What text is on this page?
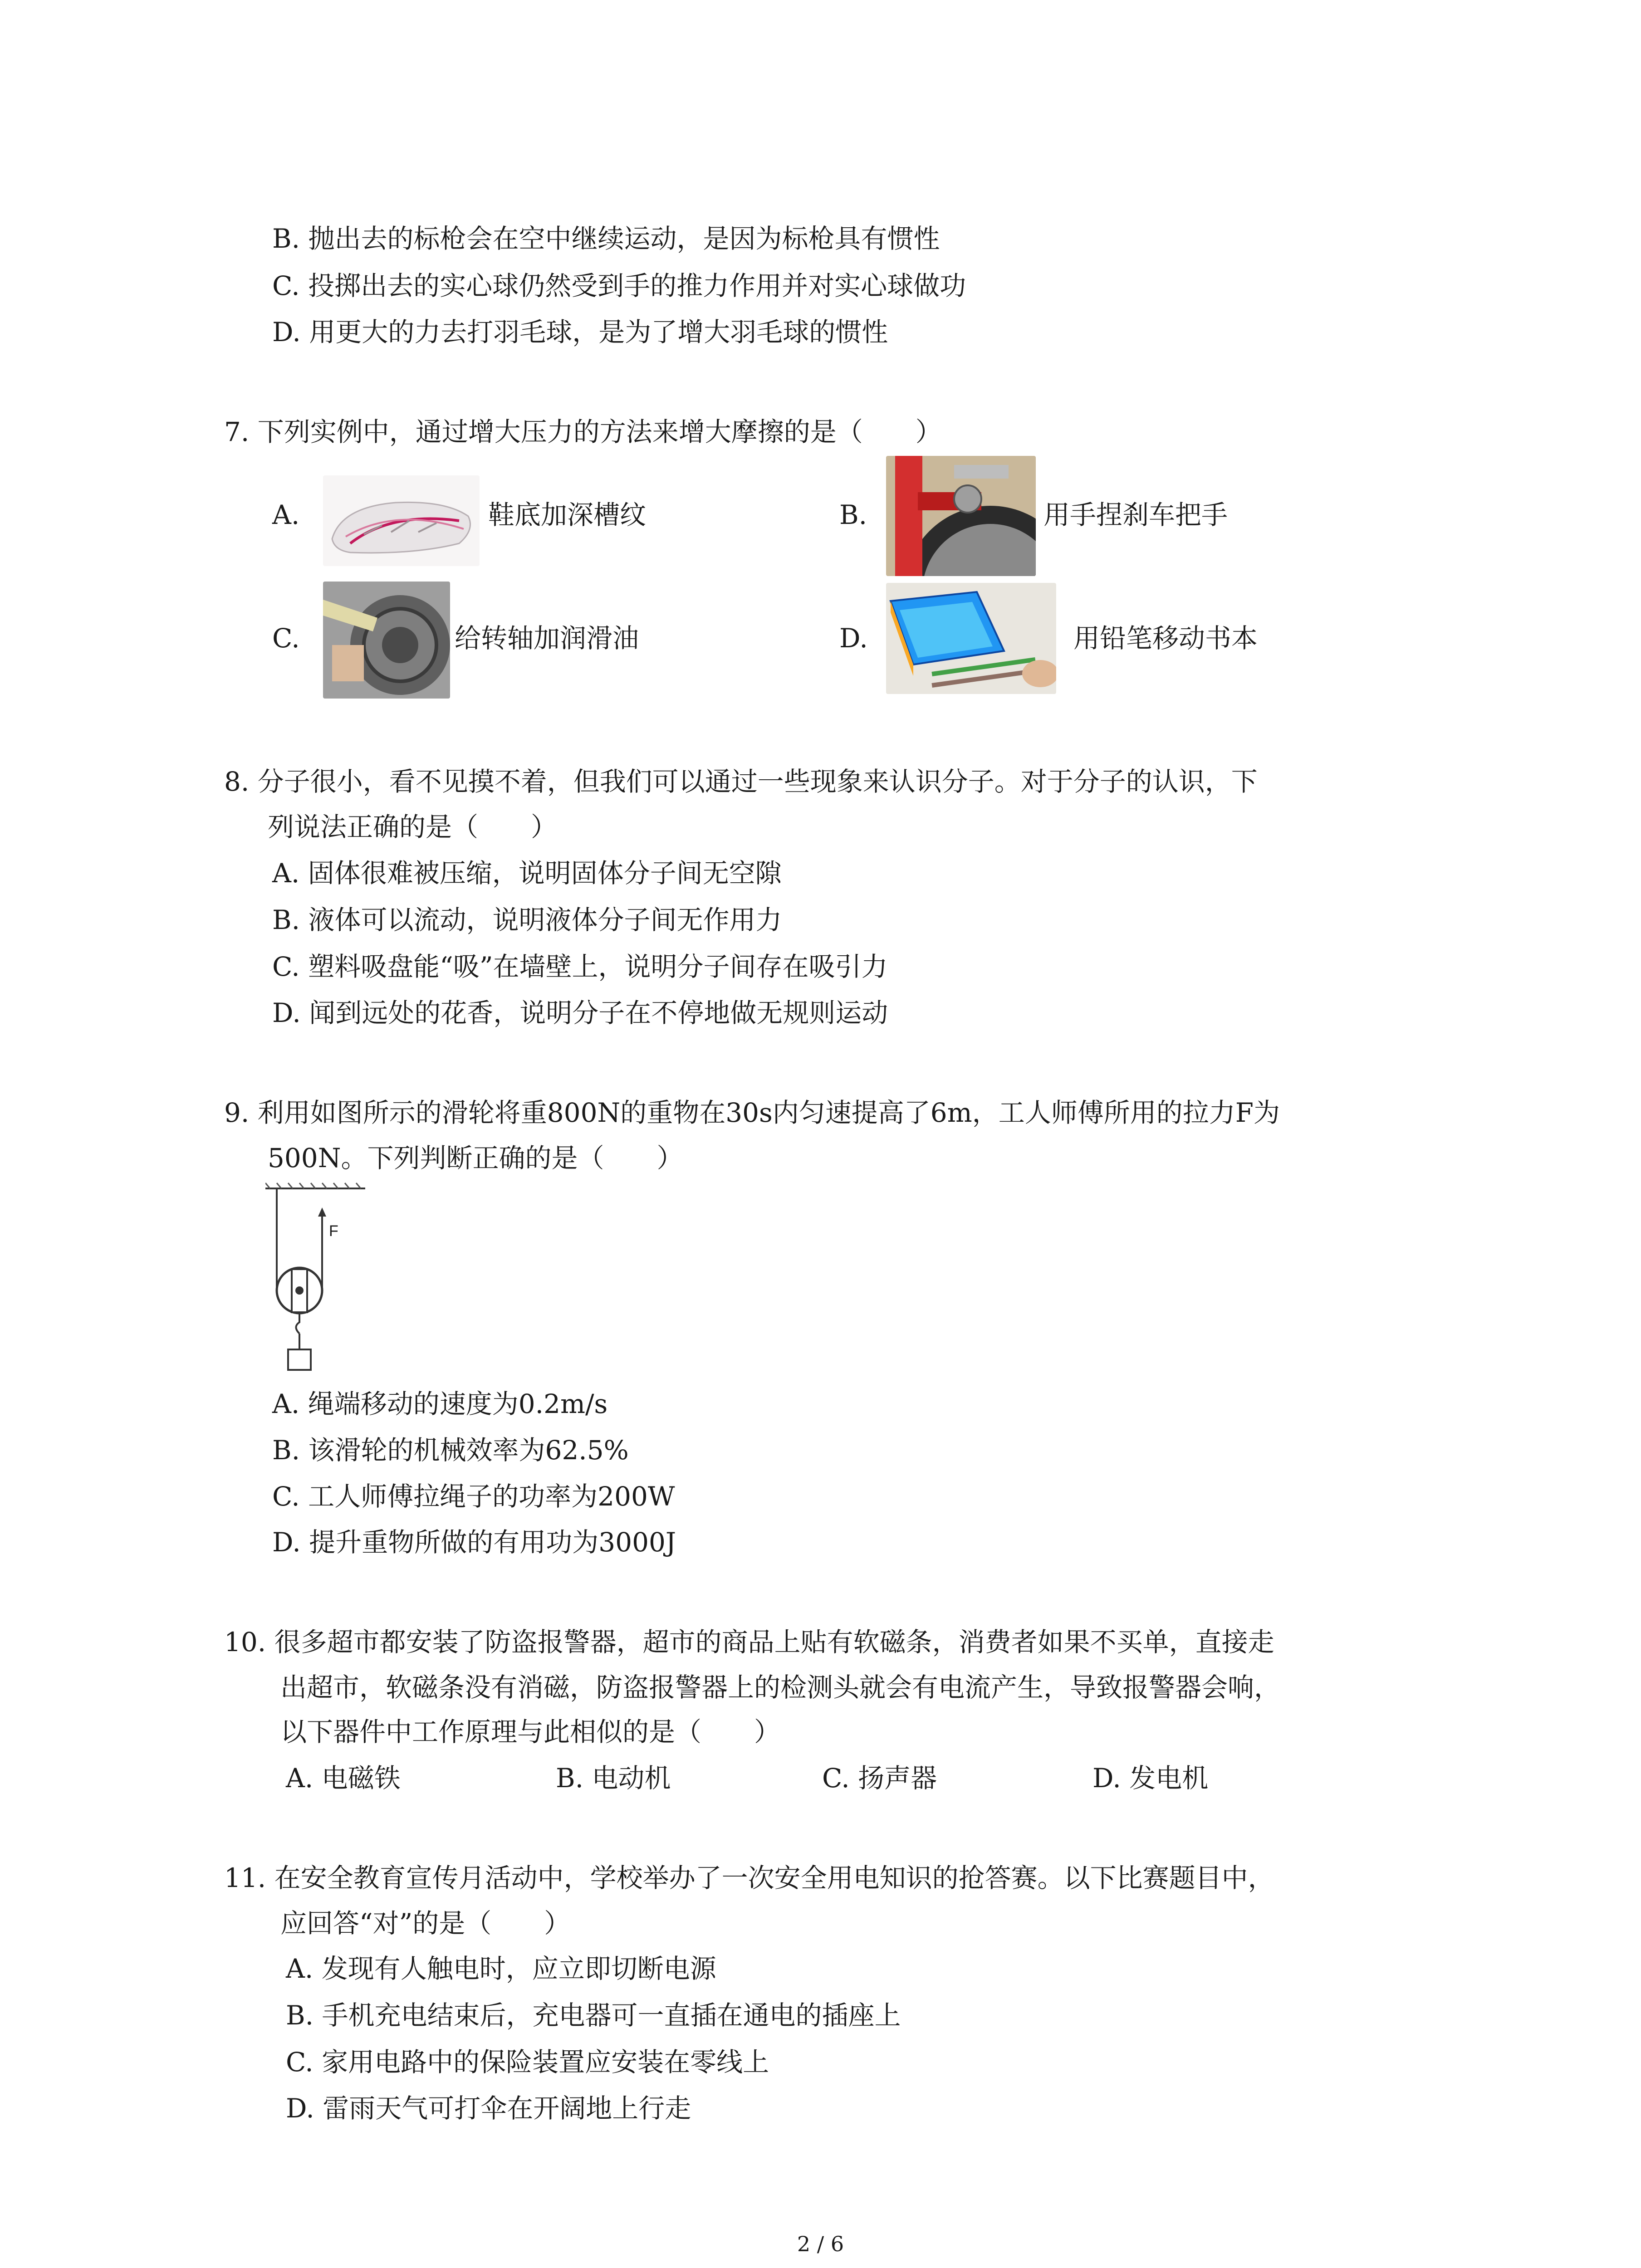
B. 抛出去的标枪会在空中继续运动，是因为标枪具有惯性
C. 投掷出去的实心球仍然受到手的推力作用并对实心球做功
D. 用更大的力去打羽毛球，是为了增大羽毛球的惯性
7. 下列实例中，通过增大压力的方法来增大摩擦的是（　　）
A.	鞋底加深槽纹	B.	用手捏刹车把手
C.	给转轴加润滑油	D.	用铅笔移动书本
8. 分子很小，看不见摸不着，但我们可以通过一些现象来认识分子。对于分子的认识，下
列说法正确的是（　　）
A. 固体很难被压缩，说明固体分子间无空隙
B. 液体可以流动，说明液体分子间无作用力
C. 塑料吸盘能“吸”在墙壁上，说明分子间存在吸引力
D. 闻到远处的花香，说明分子在不停地做无规则运动
9. 利用如图所示的滑轮将重800N的重物在30s内匀速提高了6m，工人师傅所用的拉力F为
500N。下列判断正确的是（　　）
F
A. 绳端移动的速度为0.2m/s
B. 该滑轮的机械效率为62.5%
C. 工人师傅拉绳子的功率为200W
D. 提升重物所做的有用功为3000J
10. 很多超市都安装了防盗报警器，超市的商品上贴有软磁条，消费者如果不买单，直接走
出超市，软磁条没有消磁，防盗报警器上的检测头就会有电流产生，导致报警器会响，
以下器件中工作原理与此相似的是（　　）
A. 电磁铁	B. 电动机	C. 扬声器	D. 发电机
11. 在安全教育宣传月活动中，学校举办了一次安全用电知识的抢答赛。以下比赛题目中，
应回答“对”的是（　　）
A. 发现有人触电时，应立即切断电源
B. 手机充电结束后，充电器可一直插在通电的插座上
C. 家用电路中的保险装置应安装在零线上
D. 雷雨天气可打伞在开阔地上行走
2 / 6
